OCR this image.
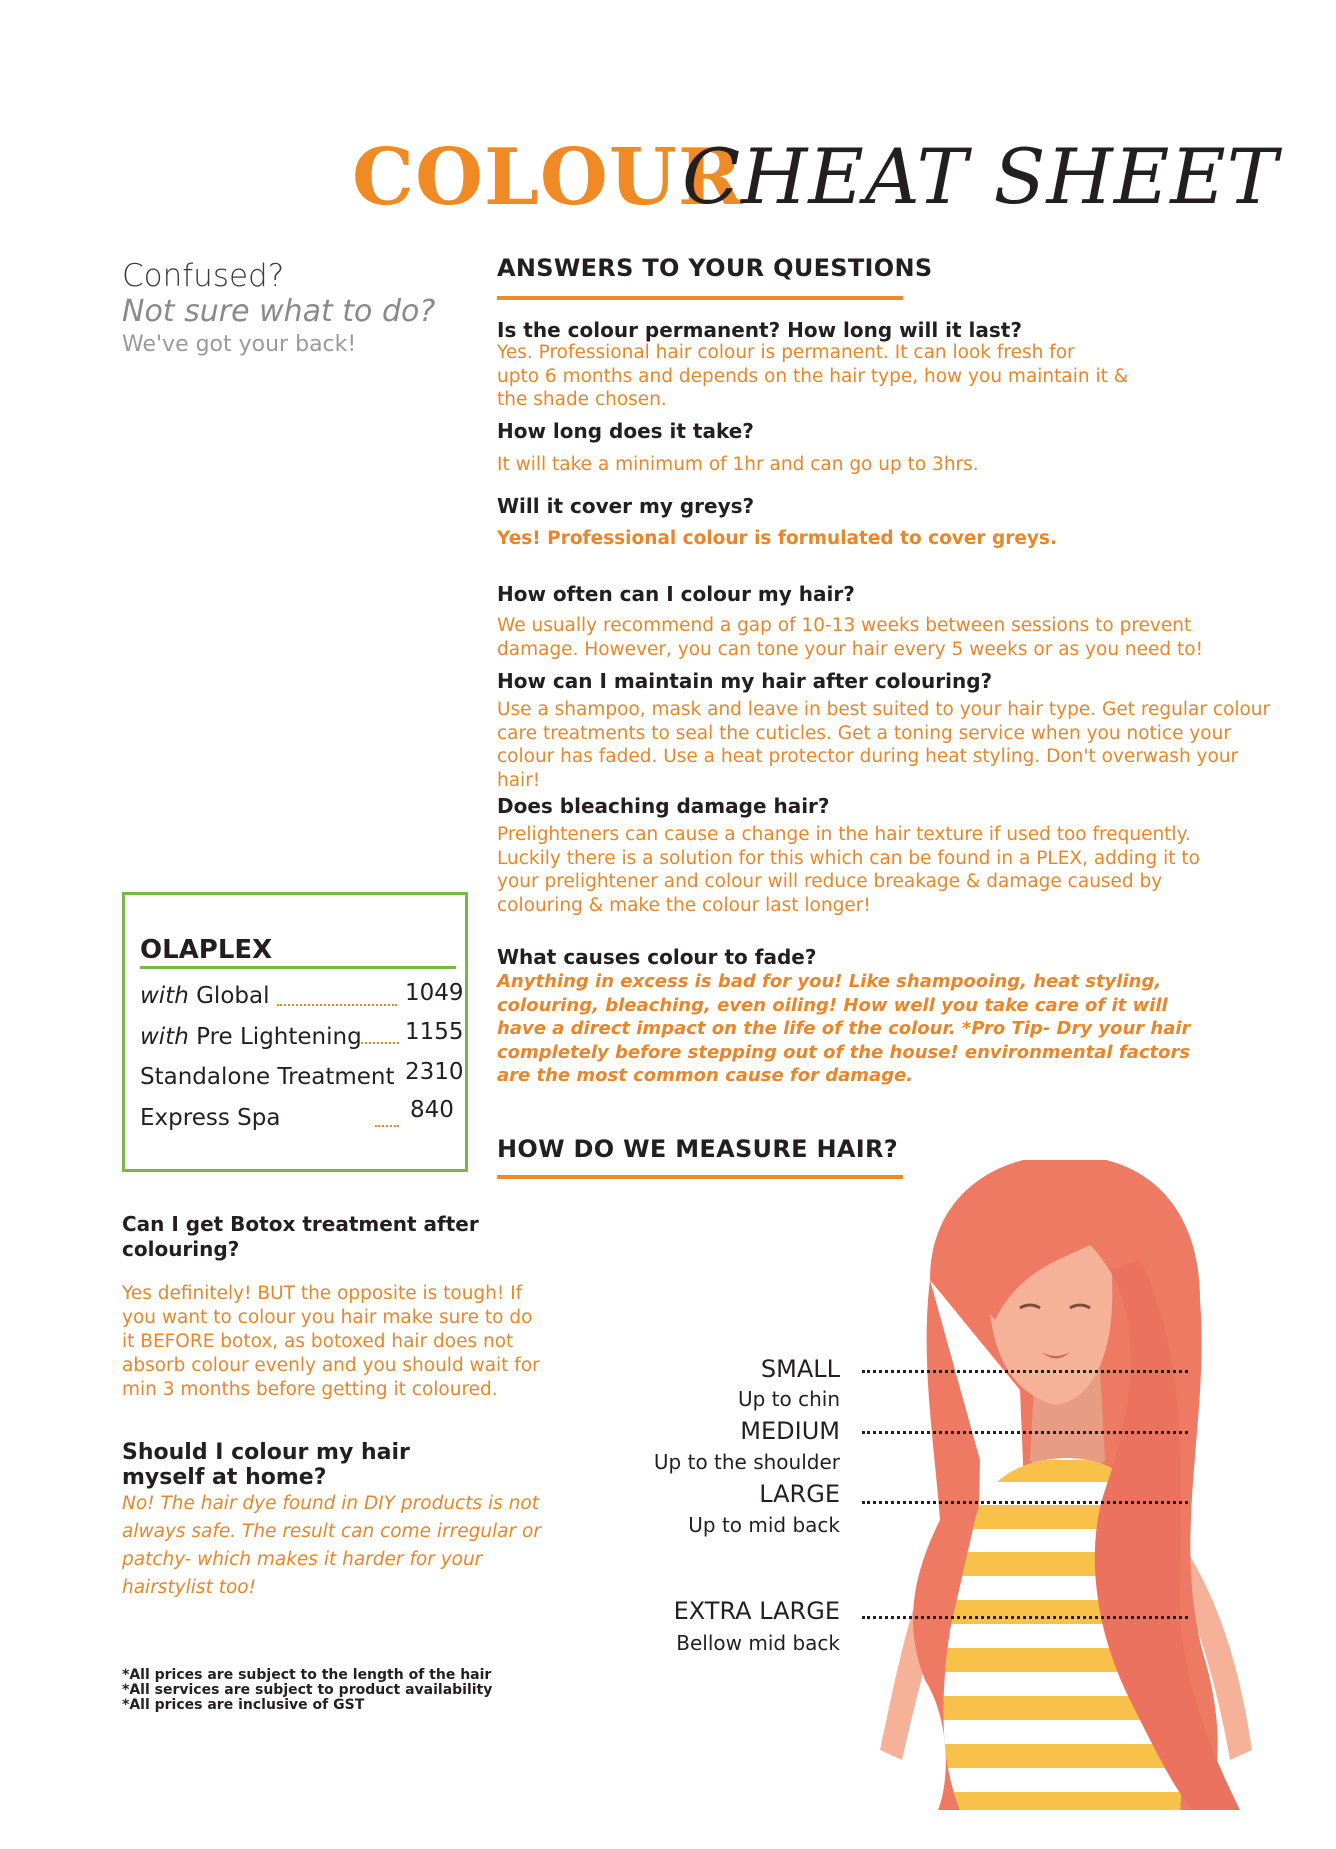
COLOUR
CHEAT SHEET
Confused?
Not sure what to do?
We've got your back!
ANSWERS TO YOUR QUESTIONS
Is the colour permanent? How long will it last?
Yes. Professional hair colour is permanent. It can look fresh for
upto 6 months and depends on the hair type, how you maintain it &
the shade chosen.
How long does it take?
It will take a minimum of 1hr and can go up to 3hrs.
Will it cover my greys?
Yes! Professional colour is formulated to cover greys.
How often can I colour my hair?
We usually recommend a gap of 10-13 weeks between sessions to prevent
damage. However, you can tone your hair every 5 weeks or as you need to!
How can I maintain my hair after colouring?
Use a shampoo, mask and leave in best suited to your hair type. Get regular colour
care treatments to seal the cuticles. Get a toning service when you notice your
colour has faded. Use a heat protector during heat styling. Don't overwash your
hair!
Does bleaching damage hair?
Prelighteners can cause a change in the hair texture if used too frequently.
Luckily there is a solution for this which can be found in a PLEX, adding it to
your prelightener and colour will reduce breakage & damage caused by
colouring & make the colour last longer!
What causes colour to fade?
Anything in excess is bad for you! Like shampooing, heat styling,
colouring, bleaching, even oiling! How well you take care of it will
have a direct impact on the life of the colour. *Pro Tip- Dry your hair
completely before stepping out of the house! environmental factors
are the most common cause for damage.
OLAPLEX
with Global	1049
with Pre Lightening 1155
Standalone Treatment 2310
Express Spa	840
Can I get Botox treatment after
colouring?
Yes definitely! BUT the opposite is tough! If
you want to colour you hair make sure to do
it BEFORE botox, as botoxed hair does not
absorb colour evenly and you should wait for
min 3 months before getting it coloured.
Should I colour my hair
myself at home?
No! The hair dye found in DIY products is not
always safe. The result can come irregular or
patchy- which makes it harder for your
hairstylist too!
*All prices are subject to the length of the hair
*All services are subject to product availability
*All prices are inclusive of GST
HOW DO WE MEASURE HAIR?
SMALL
Up to chin
MEDIUM
Up to the shoulder
LARGE
Up to mid back
EXTRA LARGE
Bellow mid back
